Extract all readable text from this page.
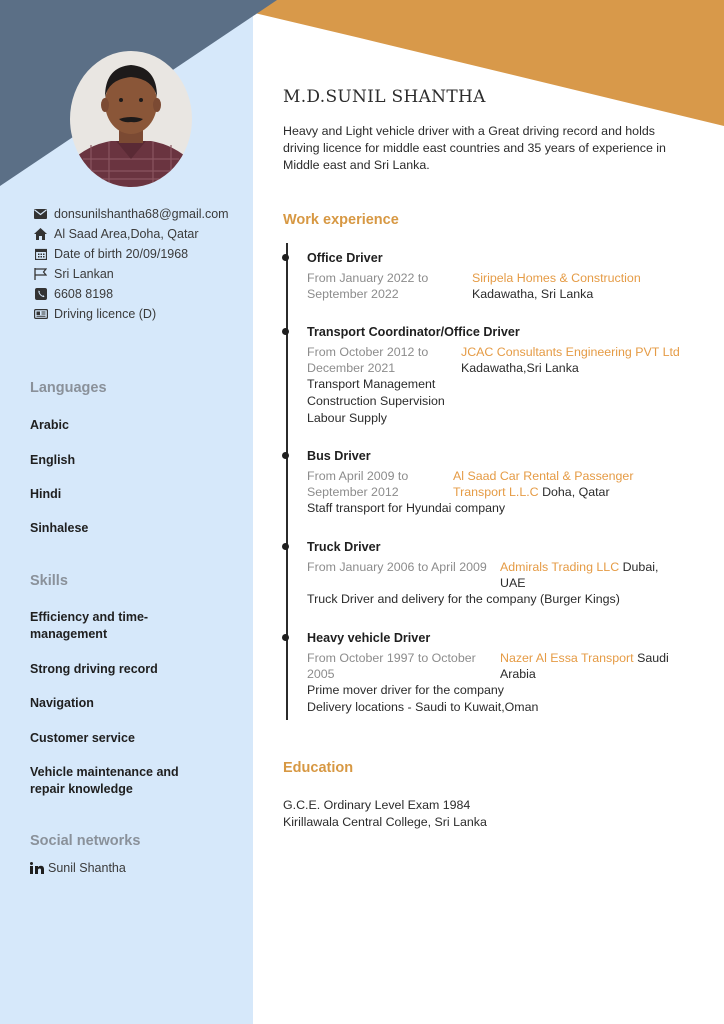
donsunilshantha68@gmail.com
Al Saad Area,Doha, Qatar
Date of birth 20/09/1968
Sri Lankan
6608 8198
Driving licence (D)
Languages
Arabic
English
Hindi
Sinhalese
Skills
Efficiency and time-management
Strong driving record
Navigation
Customer service
Vehicle maintenance and repair knowledge
Social networks
Sunil Shantha
M.D.SUNIL SHANTHA
Heavy and Light vehicle driver with a Great driving record and holds driving licence for middle east countries and 35 years of experience in Middle east and Sri Lanka.
Work experience
Office Driver
From January 2022 to September 2022
Siripela Homes & Construction
Kadawatha, Sri Lanka
Transport Coordinator/Office Driver
From October 2012 to December 2021
JCAC Consultants Engineering PVT Ltd
Kadawatha,Sri Lanka
Transport Management
Construction Supervision
Labour Supply
Bus Driver
From April 2009 to September 2012
Al Saad Car Rental & Passenger Transport L.L.C Doha, Qatar
Staff transport for Hyundai company
Truck Driver
From January 2006 to April 2009	Admirals Trading LLC Dubai, UAE
Truck Driver and delivery for the company (Burger Kings)
Heavy vehicle Driver
From October 1997 to October 2005
Nazer Al Essa Transport Saudi Arabia
Prime mover driver for the company
Delivery locations - Saudi to Kuwait,Oman
Education
G.C.E. Ordinary Level Exam 1984
Kirillawala Central College, Sri Lanka
